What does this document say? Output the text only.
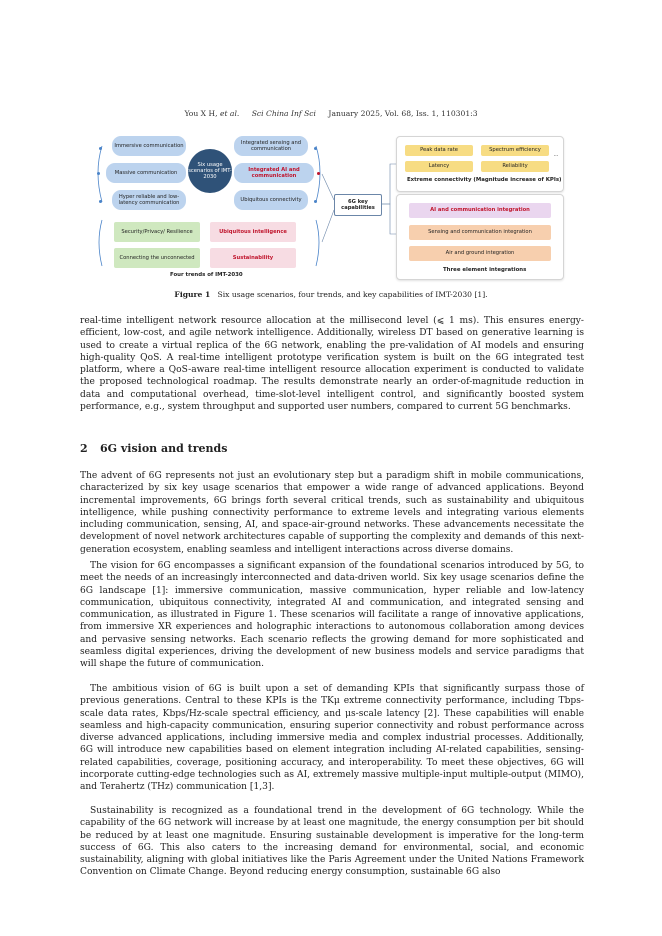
You X H, et al. Sci China Inf Sci January 2025, Vol. 68, Iss. 1, 110301:3
Immersive communication
Massive communication
Hyper reliable and low-latency communication
Six usage scenarios of IMT-2030
Integrated sensing and communication
Integrated AI and communication
Ubiquitous connectivity
Security/Privacy/ Resilience
Connecting the unconnected
Ubiquitous intelligence
Sustainability
Four trends of IMT-2030
6G key capabilities
Peak data rate	Spectrum efficiency
Latency	Reliability
...
Extreme connectivity (Magnitude increase of KPIs)
AI and communication integration
Sensing and communication integration
Air and ground integration
Three element integrations
Figure 1 Six usage scenarios, four trends, and key capabilities of IMT-2030 [1].

real-time intelligent network resource allocation at the millisecond level (⩽ 1 ms). This ensures energy-efficient, low-cost, and agile network intelligence. Additionally, wireless DT based on generative learning is used to create a virtual replica of the 6G network, enabling the pre-validation of AI models and ensuring high-quality QoS. A real-time intelligent prototype verification system is built on the 6G integrated test platform, where a QoS-aware real-time intelligent resource allocation experiment is conducted to validate the proposed technological roadmap. The results demonstrate nearly an order-of-magnitude reduction in data and computational overhead, time-slot-level intelligent control, and significantly boosted system performance, e.g., system throughput and supported user numbers, compared to current 5G benchmarks.

2 6G vision and trends

The advent of 6G represents not just an evolutionary step but a paradigm shift in mobile communications, characterized by six key usage scenarios that empower a wide range of advanced applications. Beyond incremental improvements, 6G brings forth several critical trends, such as sustainability and ubiquitous intelligence, while pushing connectivity performance to extreme levels and integrating various elements including communication, sensing, AI, and space-air-ground networks. These advancements necessitate the development of novel network architectures capable of supporting the complexity and demands of this next-generation ecosystem, enabling seamless and intelligent interactions across diverse domains.

The vision for 6G encompasses a significant expansion of the foundational scenarios introduced by 5G, to meet the needs of an increasingly interconnected and data-driven world. Six key usage scenarios define the 6G landscape [1]: immersive communication, massive communication, hyper reliable and low-latency communication, ubiquitous connectivity, integrated AI and communication, and integrated sensing and communication, as illustrated in Figure 1. These scenarios will facilitate a range of innovative applications, from immersive XR experiences and holographic interactions to autonomous collaboration among devices and pervasive sensing networks. Each scenario reflects the growing demand for more sophisticated and seamless digital experiences, driving the development of new business models and service paradigms that will shape the future of communication.

The ambitious vision of 6G is built upon a set of demanding KPIs that significantly surpass those of previous generations. Central to these KPIs is the TKμ extreme connectivity performance, including Tbps-scale data rates, Kbps/Hz-scale spectral efficiency, and μs-scale latency [2]. These capabilities will enable seamless and high-capacity communication, ensuring superior connectivity and robust performance across diverse advanced applications, including immersive media and complex industrial processes. Additionally, 6G will introduce new capabilities based on element integration including AI-related capabilities, sensing-related capabilities, coverage, positioning accuracy, and interoperability. To meet these objectives, 6G will incorporate cutting-edge technologies such as AI, extremely massive multiple-input multiple-output (MIMO), and Terahertz (THz) communication [1,3].

Sustainability is recognized as a foundational trend in the development of 6G technology. While the capability of the 6G network will increase by at least one magnitude, the energy consumption per bit should be reduced by at least one magnitude. Ensuring sustainable development is imperative for the long-term success of 6G. This also caters to the increasing demand for environmental, social, and economic sustainability, aligning with global initiatives like the Paris Agreement under the United Nations Framework Convention on Climate Change. Beyond reducing energy consumption, sustainable 6G also
